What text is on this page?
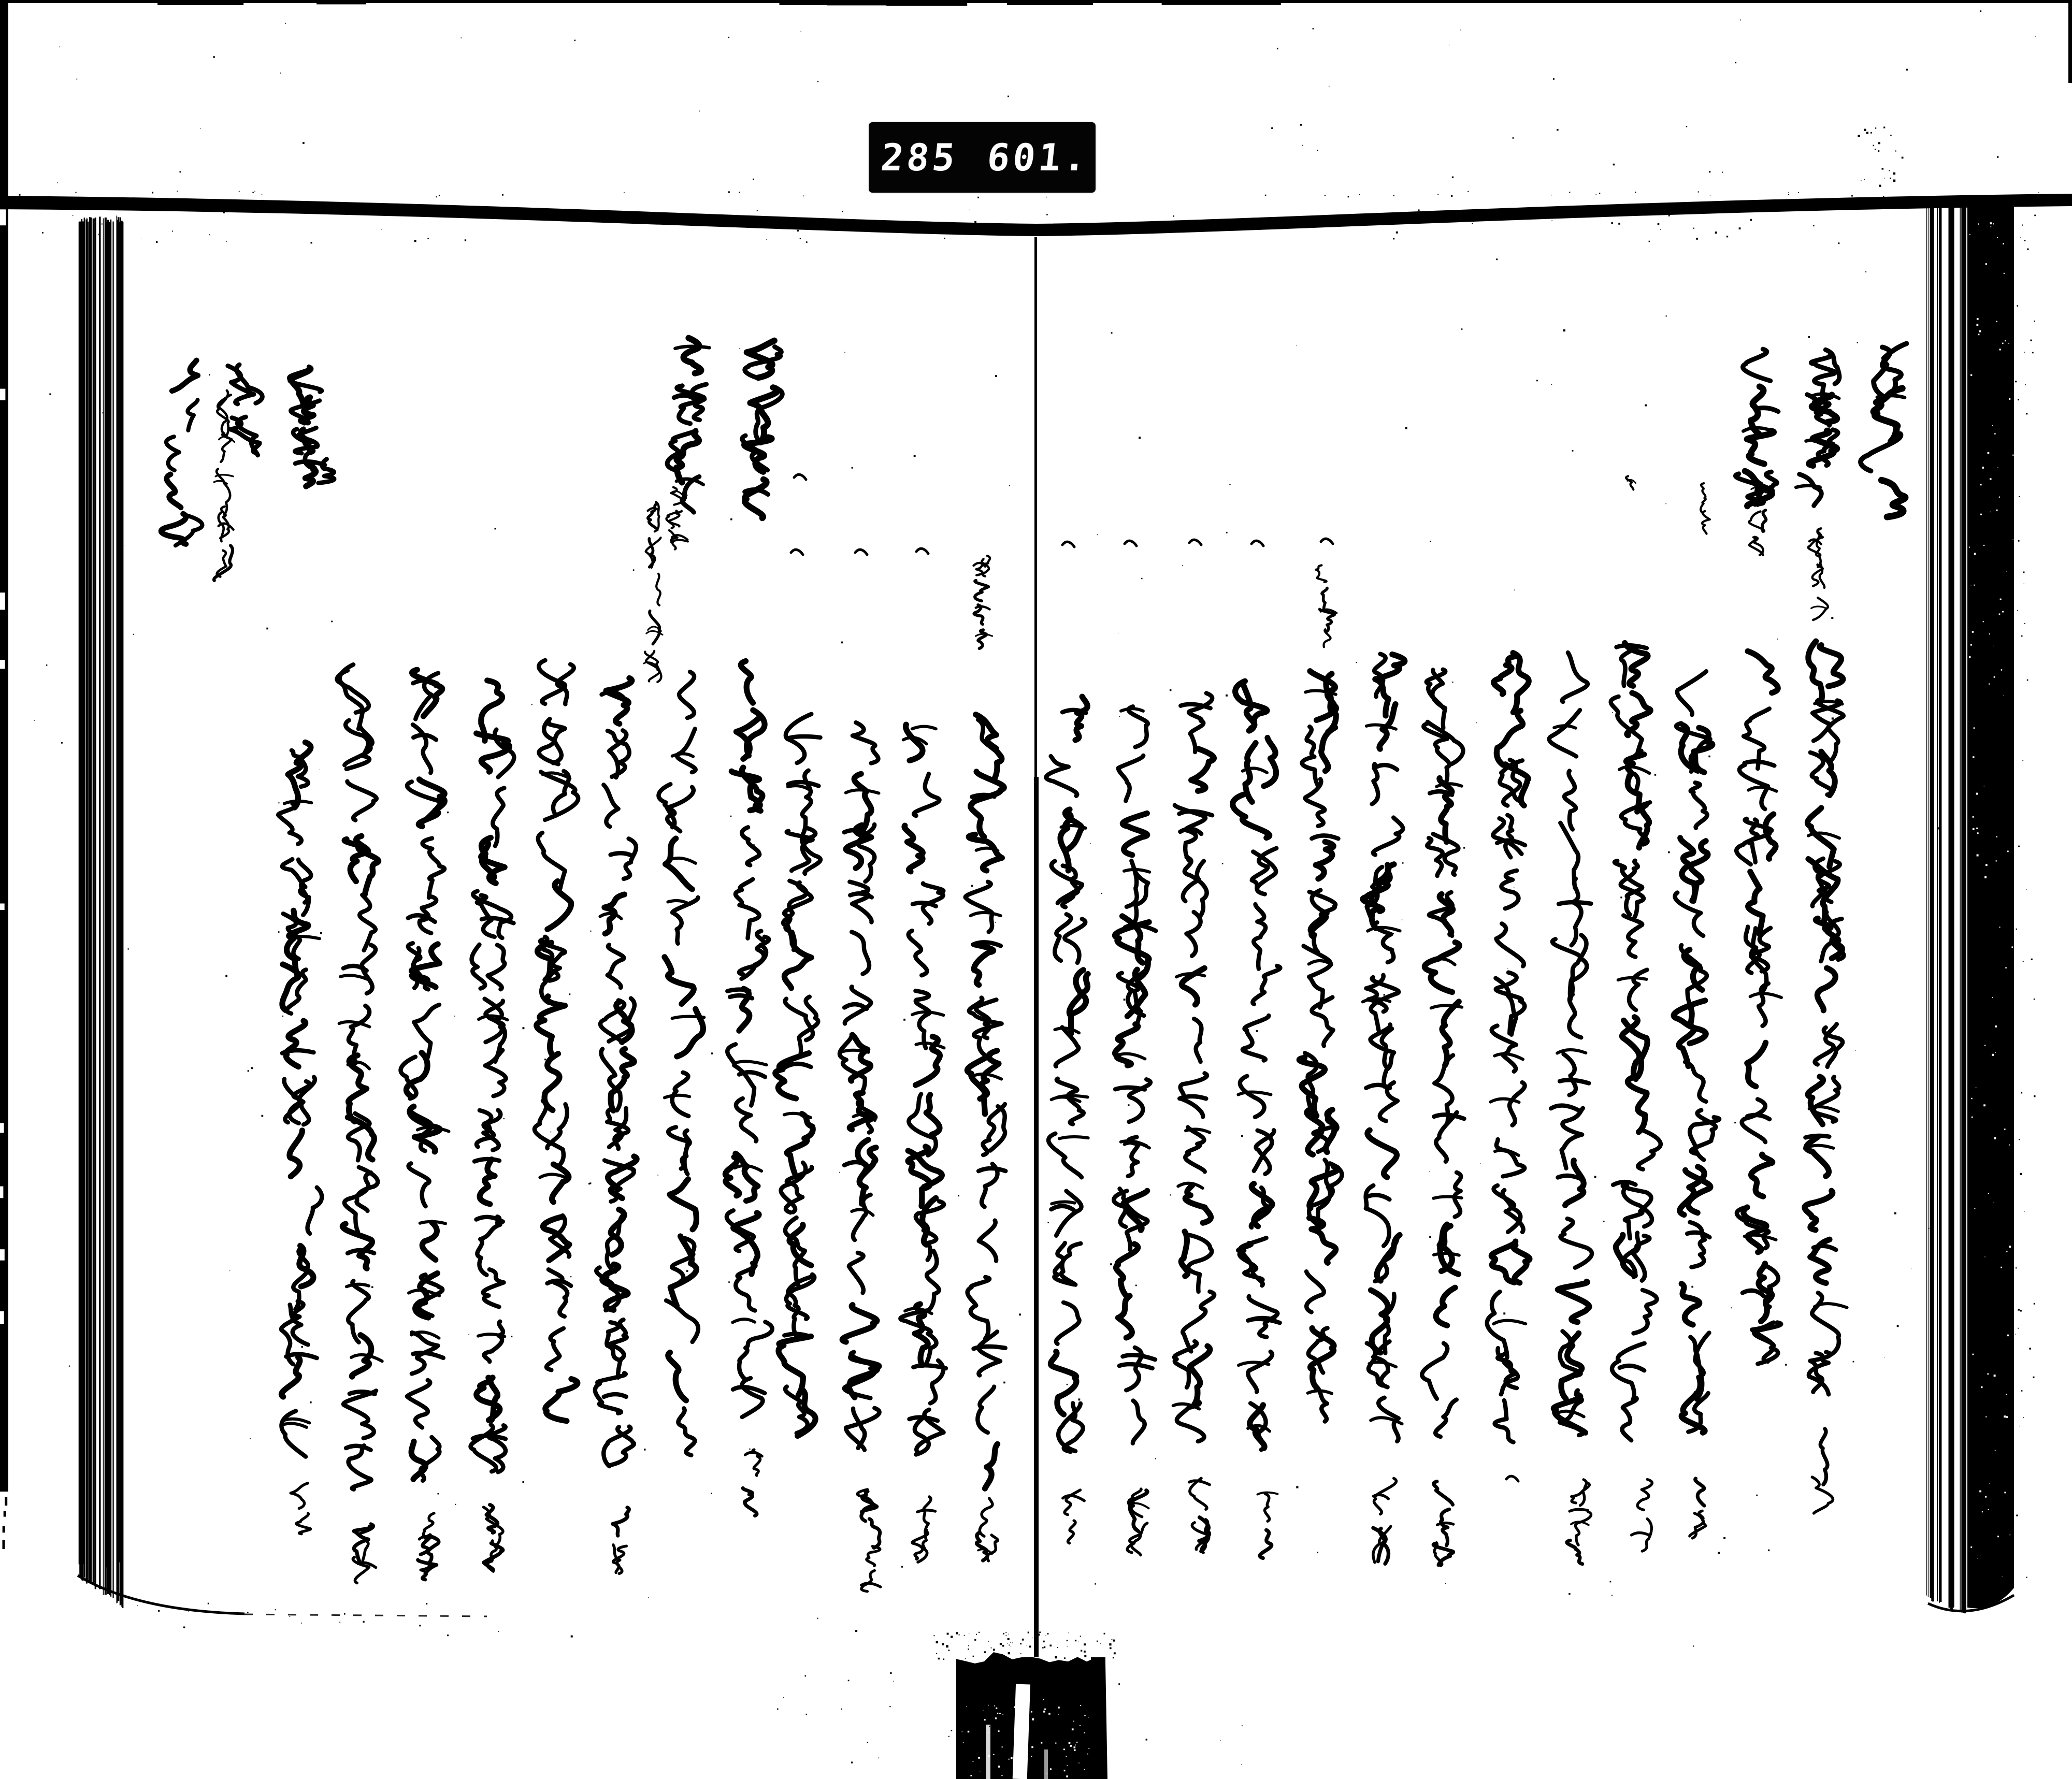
285 601.
